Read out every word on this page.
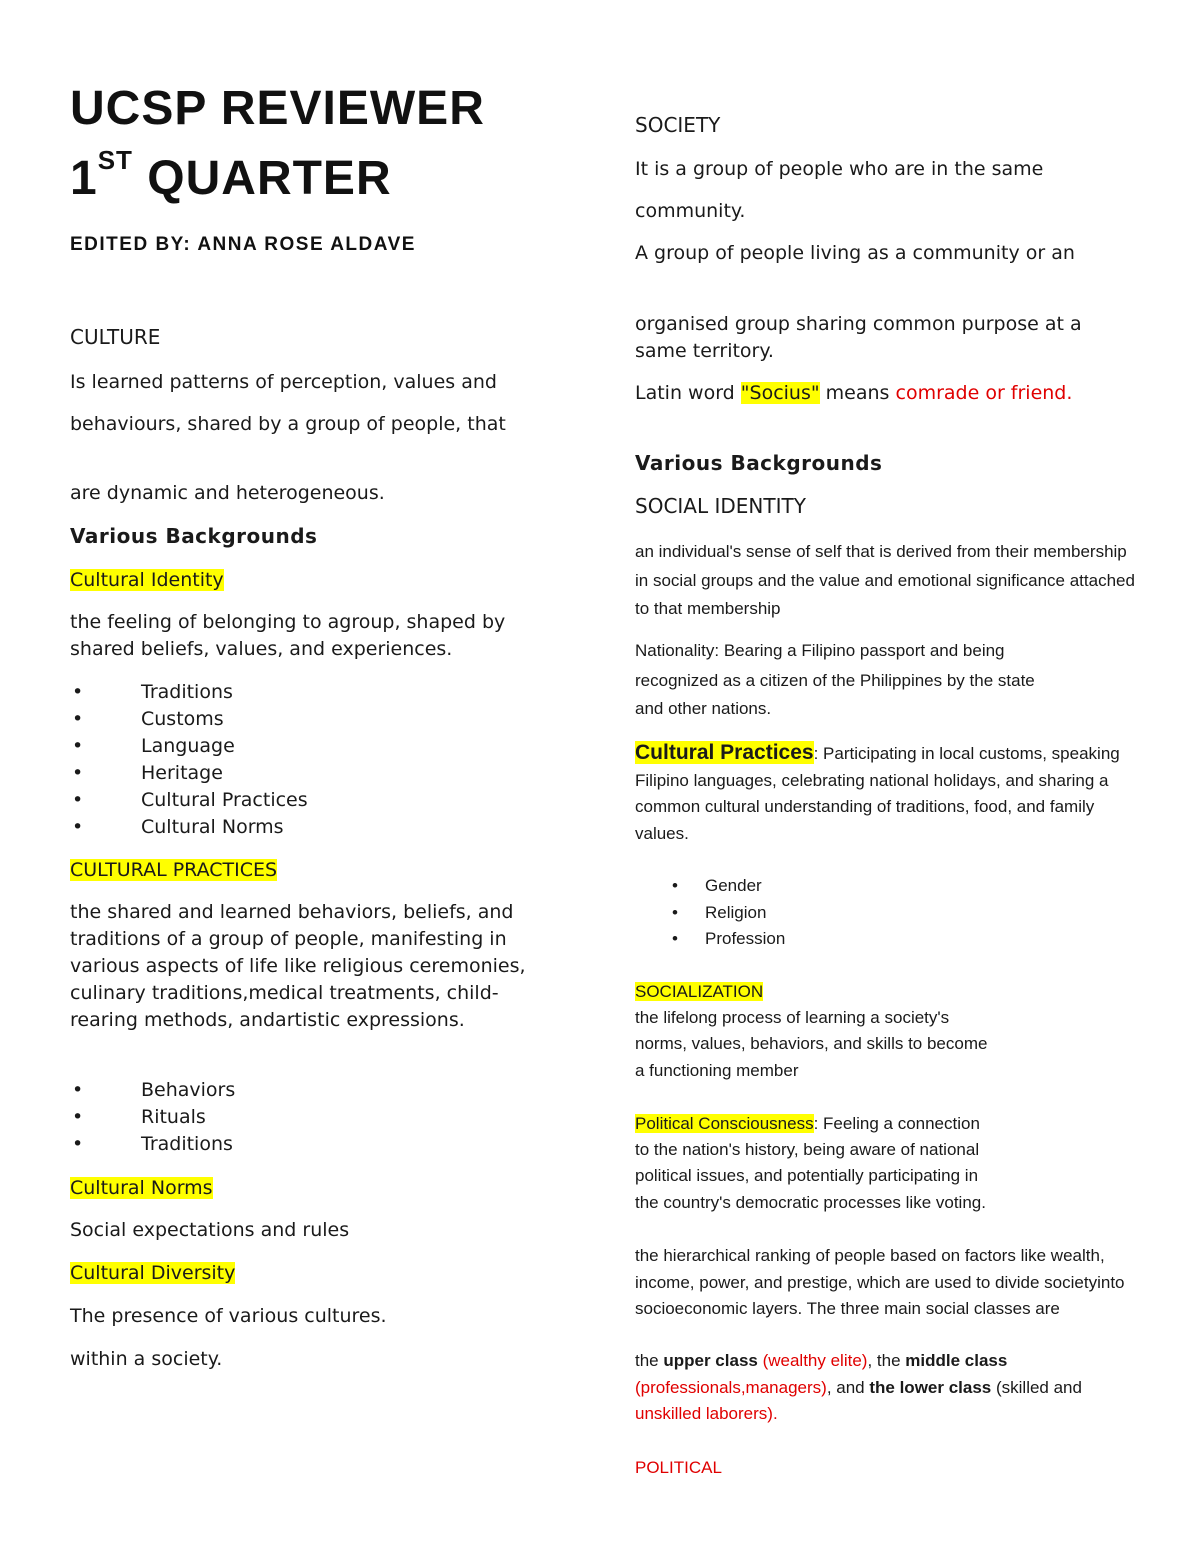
UCSP REVIEWER
1ST QUARTER
EDITED BY: ANNA ROSE ALDAVE
CULTURE
Is learned patterns of perception, values and
behaviours, shared by a group of people, that
are dynamic and heterogeneous.
Various Backgrounds
Cultural Identity
the feeling of belonging to agroup, shaped by shared beliefs, values, and experiences.
• Traditions
• Customs
• Language
• Heritage
• Cultural Practices
• Cultural Norms
CULTURAL PRACTICES
the shared and learned behaviors, beliefs, and traditions of a group of people, manifesting in various aspects of life like religious ceremonies, culinary traditions,medical treatments, child-rearing methods, andartistic expressions.
• Behaviors
• Rituals
• Traditions
Cultural Norms
Social expectations and rules
Cultural Diversity
The presence of various cultures.
within a society.
SOCIETY
It is a group of people who are in the same
community.
A group of people living as a community or an
organised group sharing common purpose at a same territory.
Latin word "Socius" means comrade or friend.
Various Backgrounds
SOCIAL IDENTITY
an individual's sense of self that is derived from their membership in social groups and the value and emotional significance attached to that membership
Nationality: Bearing a Filipino passport and being
recognized as a citizen of the Philippines by the state
and other nations.
Cultural Practices: Participating in local customs, speaking Filipino languages, celebrating national holidays, and sharing a common cultural understanding of traditions, food, and family values.
• Gender
• Religion
• Profession
SOCIALIZATION
the lifelong process of learning a society's
norms, values, behaviors, and skills to become
a functioning member
Political Consciousness: Feeling a connection
to the nation's history, being aware of national
political issues, and potentially participating in
the country's democratic processes like voting.
the hierarchical ranking of people based on factors like wealth, income, power, and prestige, which are used to divide societyinto socioeconomic layers. The three main social classes are
the upper class (wealthy elite), the middle class (professionals,managers), and the lower class (skilled and unskilled laborers).
POLITICAL
